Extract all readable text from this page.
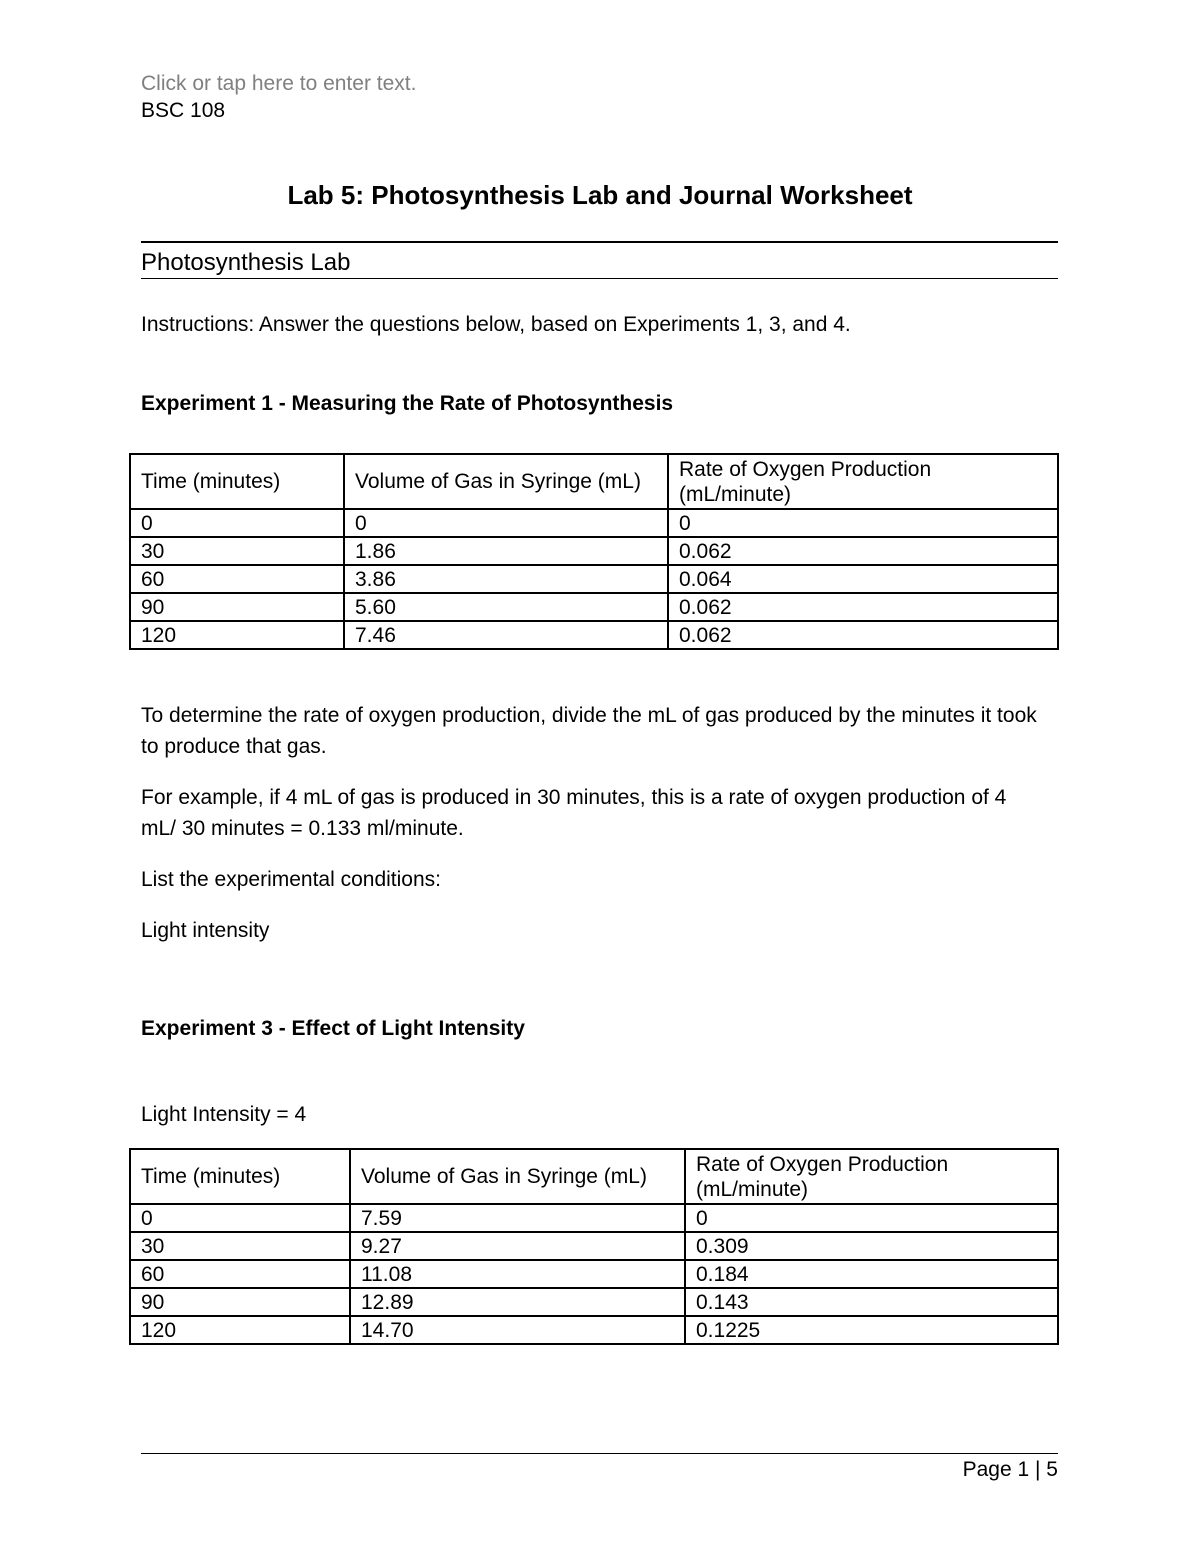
Click or tap here to enter text.
BSC 108
Lab 5: Photosynthesis Lab and Journal Worksheet
Photosynthesis Lab
Instructions: Answer the questions below, based on Experiments 1, 3, and 4.
Experiment 1 - Measuring the Rate of Photosynthesis
Time (minutes)	Volume of Gas in Syringe (mL)	Rate of Oxygen Production (mL/minute)
0	0	0
30	1.86	0.062
60	3.86	0.064
90	5.60	0.062
120	7.46	0.062
To determine the rate of oxygen production, divide the mL of gas produced by the minutes it took to produce that gas.
For example, if 4 mL of gas is produced in 30 minutes, this is a rate of oxygen production of 4 mL/ 30 minutes = 0.133 ml/minute.
List the experimental conditions:
Light intensity
Experiment 3 - Effect of Light Intensity
Light Intensity = 4
Time (minutes)	Volume of Gas in Syringe (mL)	Rate of Oxygen Production (mL/minute)
0	7.59	0
30	9.27	0.309
60	11.08	0.184
90	12.89	0.143
120	14.70	0.1225
Page 1 | 5
